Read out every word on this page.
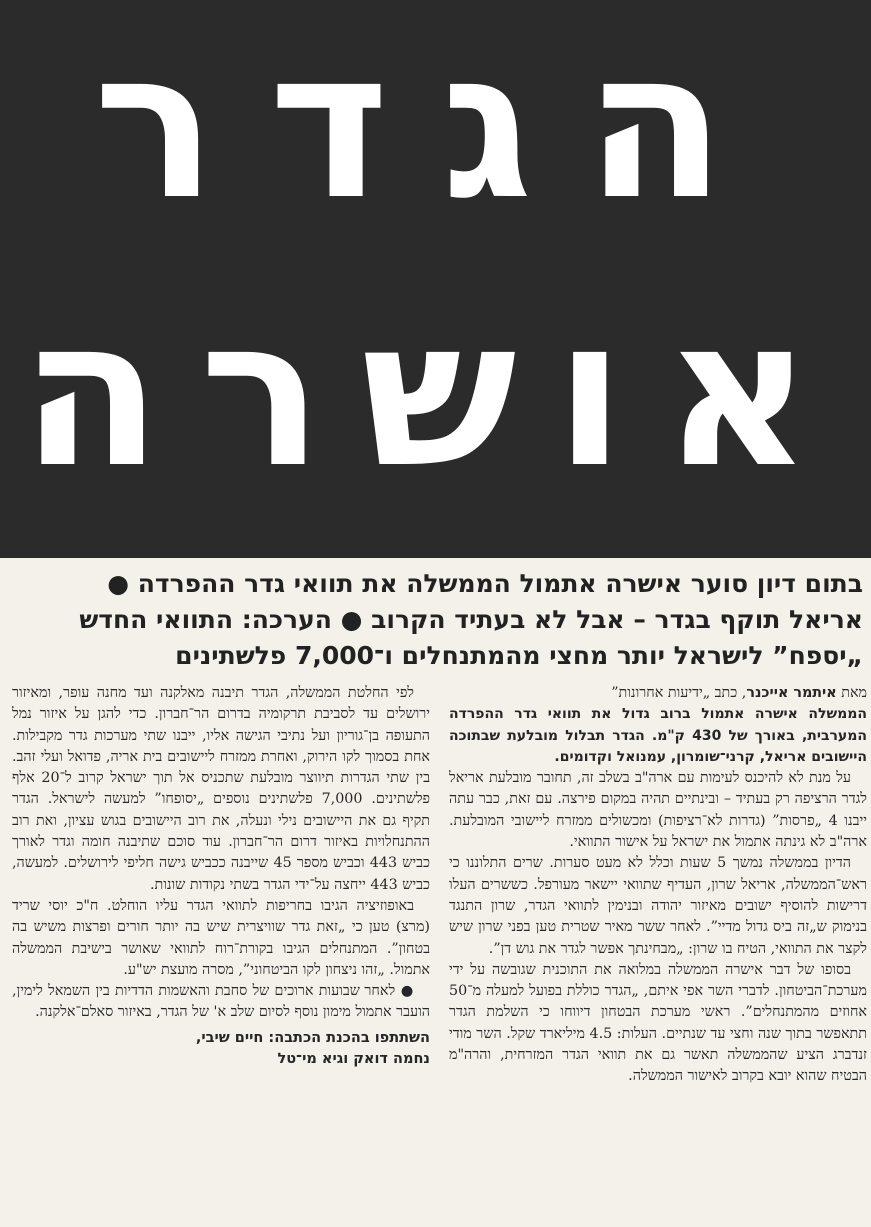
הגדר
אושרה
בתום דיון סוער אישרה אתמול הממשלה את תוואי גדר ההפרדה ●
אריאל תוקף בגדר – אבל לא בעתיד הקרוב ● הערכה: התוואי החדש
„יספח” לישראל יותר מחצי מהמתנחלים ו־7,000 פלשתינים

מאת איתמר אייכנר, כתב „ידיעות אחרונות”

הממשלה אישרה אתמול ברוב גדול את תוואי גדר ההפרדה המערבית, באורך של 430 ק"מ. הגדר תבלול מובלעת שבתוכה היישובים אריאל, קרני־שומרון, עמנואל וקדומים.

על מנת לא להיכנס לעימות עם ארה"ב בשלב זה, תחובר מובלעת אריאל לגדר הרציפה רק בעתיד – ובינתיים תהיה במקום פירצה. עם זאת, כבר עתה ייבנו 4 „פרסות” (גדרות לא־רציפות) ומכשולים ממזרח ליישובי המובלעת. ארה"ב לא גינתה אתמול את ישראל על אישור התוואי.

הדיון בממשלה נמשך 5 שעות וכלל לא מעט סערות. שרים התלוננו כי ראש־הממשלה, אריאל שרון, העדיף שתוואי יישאר מעורפל. כששרים העלו דרישות להוסיף ישובים מאיזור יהודה ובנימין לתוואי הגדר, שרון התנגד בנימוק ש„זה ביס גדול מדיי”. לאחר ששר מאיר שטרית טען בפני שרון שיש לקצר את התוואי, הטיח בו שרון: „מבחינתך אפשר לגדר את גוש דן”.

בסופו של דבר אישרה הממשלה במלואה את התוכנית שגובשה על ידי מערכת־הביטחון. לדברי השר אפי איתם, „הגדר כוללת בפועל למעלה מ־50 אחוזים מהמתנחלים”. ראשי מערכת הבטחון דיווחו כי השלמת הגדר תתאפשר בתוך שנה וחצי עד שנתיים. העלות: 4.5 מיליארד שקל. השר מודי זנדברג הציע שהממשלה תאשר גם את תוואי הגדר המזרחית, והרה"מ הבטיח שהוא יובא בקרוב לאישור הממשלה.

לפי החלטת הממשלה, הגדר תיבנה מאלקנה ועד מחנה עופר, ומאיזור ירושלים עד לסביבת תרקומיה בדרום הר־חברון. כדי להגן על איזור נמל התעופה בן־גוריון ועל נתיבי הגישה אליו, ייבנו שתי מערכות גדר מקבילות. אחת בסמוך לקו הירוק, ואחרת ממזרח ליישובים בית אריה, פדואל ועלי זהב. בין שתי הגדרות תיווצר מובלעת שתכניס אל תוך ישראל קרוב ל־20 אלף פלשתינים. 7,000 פלשתינים נוספים „יסופחו” למעשה לישראל. הגדר תקיף גם את היישובים נילי ונעלה, את רוב היישובים בגוש עציון, ואת רוב ההתנחלויות באיזור דרום הר־חברון. עוד סוכם שתיבנה חומה וגדר לאורך כביש 443 וכביש מספר 45 שייבנה ככביש גישה חליפי לירושלים. למעשה, כביש 443 ייחצה על־ידי הגדר בשתי נקודות שונות.

באופוזיציה הגיבו בחריפות לתוואי הגדר עליו הוחלט. ח"כ יוסי שריד (מרצ) טען כי „זאת גדר שוויצרית שיש בה יותר חורים ופרצות משיש בה בטחון”. המתנחלים הגיבו בקורת־רוח לתוואי שאושר בישיבת הממשלה אתמול. „זהו ניצחון לקו הביטחוני”, מסרה מועצת יש"ע.

● לאחר שבועות ארוכים של סחבת והאשמות הדדיות בין השמאל לימין, הועבר אתמול מימון נוסף לסיום שלב א' של הגדר, באיזור סאלם־אלקנה.

השתתפו בהכנת הכתבה: חיים שיבי,
נחמה דואק וגיא מי־טל
